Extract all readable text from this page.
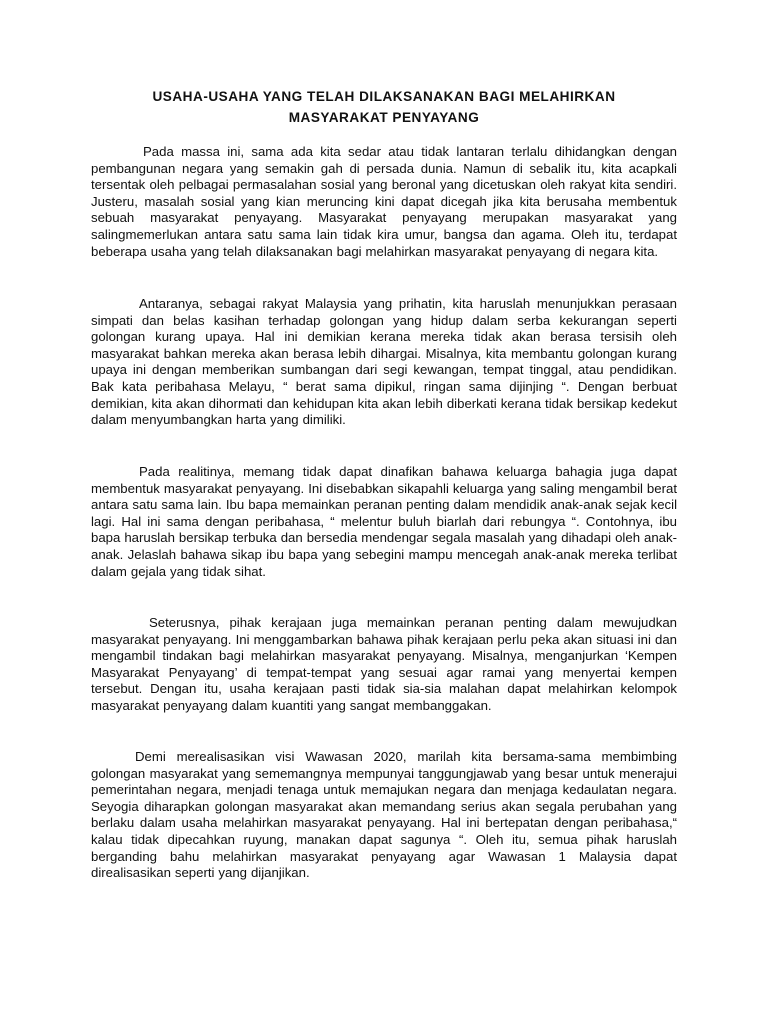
USAHA-USAHA YANG TELAH DILAKSANAKAN BAGI MELAHIRKAN
MASYARAKAT PENYAYANG

Pada massa ini, sama ada kita sedar atau tidak lantaran terlalu dihidangkan dengan pembangunan negara yang semakin gah di persada dunia. Namun di sebalik itu, kita acapkali tersentak oleh pelbagai permasalahan sosial yang beronal yang dicetuskan oleh rakyat kita sendiri. Justeru, masalah sosial yang kian meruncing kini dapat dicegah jika kita berusaha membentuk sebuah masyarakat penyayang. Masyarakat penyayang merupakan masyarakat yang salingmemerlukan antara satu sama lain tidak kira umur, bangsa dan agama. Oleh itu, terdapat beberapa usaha yang telah dilaksanakan bagi melahirkan masyarakat penyayang di negara kita.

Antaranya, sebagai rakyat Malaysia yang prihatin, kita haruslah menunjukkan perasaan simpati dan belas kasihan terhadap golongan yang hidup dalam serba kekurangan seperti golongan kurang upaya. Hal ini demikian kerana mereka tidak akan berasa tersisih oleh masyarakat bahkan mereka akan berasa lebih dihargai. Misalnya, kita membantu golongan kurang upaya ini dengan memberikan sumbangan dari segi kewangan, tempat tinggal, atau pendidikan. Bak kata peribahasa Melayu, “ berat sama dipikul, ringan sama dijinjing “. Dengan berbuat demikian, kita akan dihormati dan kehidupan kita akan lebih diberkati kerana tidak bersikap kedekut dalam menyumbangkan harta yang dimiliki.

Pada realitinya, memang tidak dapat dinafikan bahawa keluarga bahagia juga dapat membentuk masyarakat penyayang. Ini disebabkan sikapahli keluarga yang saling mengambil berat antara satu sama lain. Ibu bapa memainkan peranan penting dalam mendidik anak-anak sejak kecil lagi. Hal ini sama dengan peribahasa, “ melentur buluh biarlah dari rebungya “. Contohnya, ibu bapa haruslah bersikap terbuka dan bersedia mendengar segala masalah yang dihadapi oleh anak-anak. Jelaslah bahawa sikap ibu bapa yang sebegini mampu mencegah anak-anak mereka terlibat dalam gejala yang tidak sihat.

Seterusnya, pihak kerajaan juga memainkan peranan penting dalam mewujudkan masyarakat penyayang. Ini menggambarkan bahawa pihak kerajaan perlu peka akan situasi ini dan mengambil tindakan bagi melahirkan masyarakat penyayang. Misalnya, menganjurkan ‘Kempen Masyarakat Penyayang’ di tempat-tempat yang sesuai agar ramai yang menyertai kempen tersebut. Dengan itu, usaha kerajaan pasti tidak sia-sia malahan dapat melahirkan kelompok masyarakat penyayang dalam kuantiti yang sangat membanggakan.

Demi merealisasikan visi Wawasan 2020, marilah kita bersama-sama membimbing golongan masyarakat yang sememangnya mempunyai tanggungjawab yang besar untuk menerajui pemerintahan negara, menjadi tenaga untuk memajukan negara dan menjaga kedaulatan negara. Seyogia diharapkan golongan masyarakat akan memandang serius akan segala perubahan yang berlaku dalam usaha melahirkan masyarakat penyayang. Hal ini bertepatan dengan peribahasa,“ kalau tidak dipecahkan ruyung, manakan dapat sagunya “. Oleh itu, semua pihak haruslah berganding bahu melahirkan masyarakat penyayang agar Wawasan 1 Malaysia dapat direalisasikan seperti yang dijanjikan.
